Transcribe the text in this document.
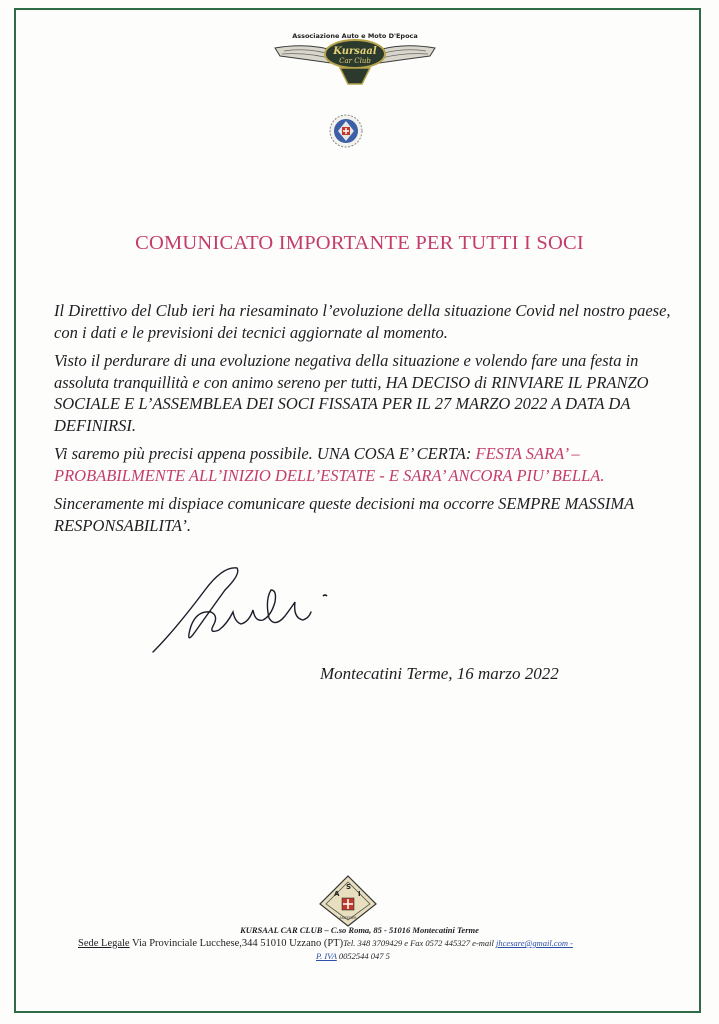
Associazione Auto e Moto D'Epoca
Kursaal
Car Club
COMUNICATO IMPORTANTE PER TUTTI I SOCI

Il Direttivo del Club ieri ha riesaminato l’evoluzione della situazione Covid nel nostro paese, con i dati e le previsioni dei tecnici aggiornate al momento.

Visto il perdurare di una evoluzione negativa della situazione e volendo fare una festa in assoluta tranquillità e con animo sereno per tutti, HA DECISO di RINVIARE IL PRANZO SOCIALE E L’ASSEMBLEA DEI SOCI FISSATA PER IL 27 MARZO 2022 A DATA DA DEFINIRSI.

Vi saremo più precisi appena possibile. UNA COSA E’ CERTA: FESTA SARA’ –PROBABILMENTE ALL’INIZIO DELL’ESTATE - E SARA’ ANCORA PIU’ BELLA.

Sinceramente mi dispiace comunicare queste decisioni ma occorre SEMPRE MASSIMA RESPONSABILITA’.

Montecatini Terme, 16 marzo 2022
A
S
I
ASIFEDER
KURSAAL CAR CLUB – C.so Roma, 85 - 51016 Montecatini Terme
Sede Legale Via Provinciale Lucchese,344 51010 Uzzano (PT)Tel. 348 3709429 e Fax 0572 445327 e-mail jhcesare@gmail.com -
P. IVA 0052544 047 5
